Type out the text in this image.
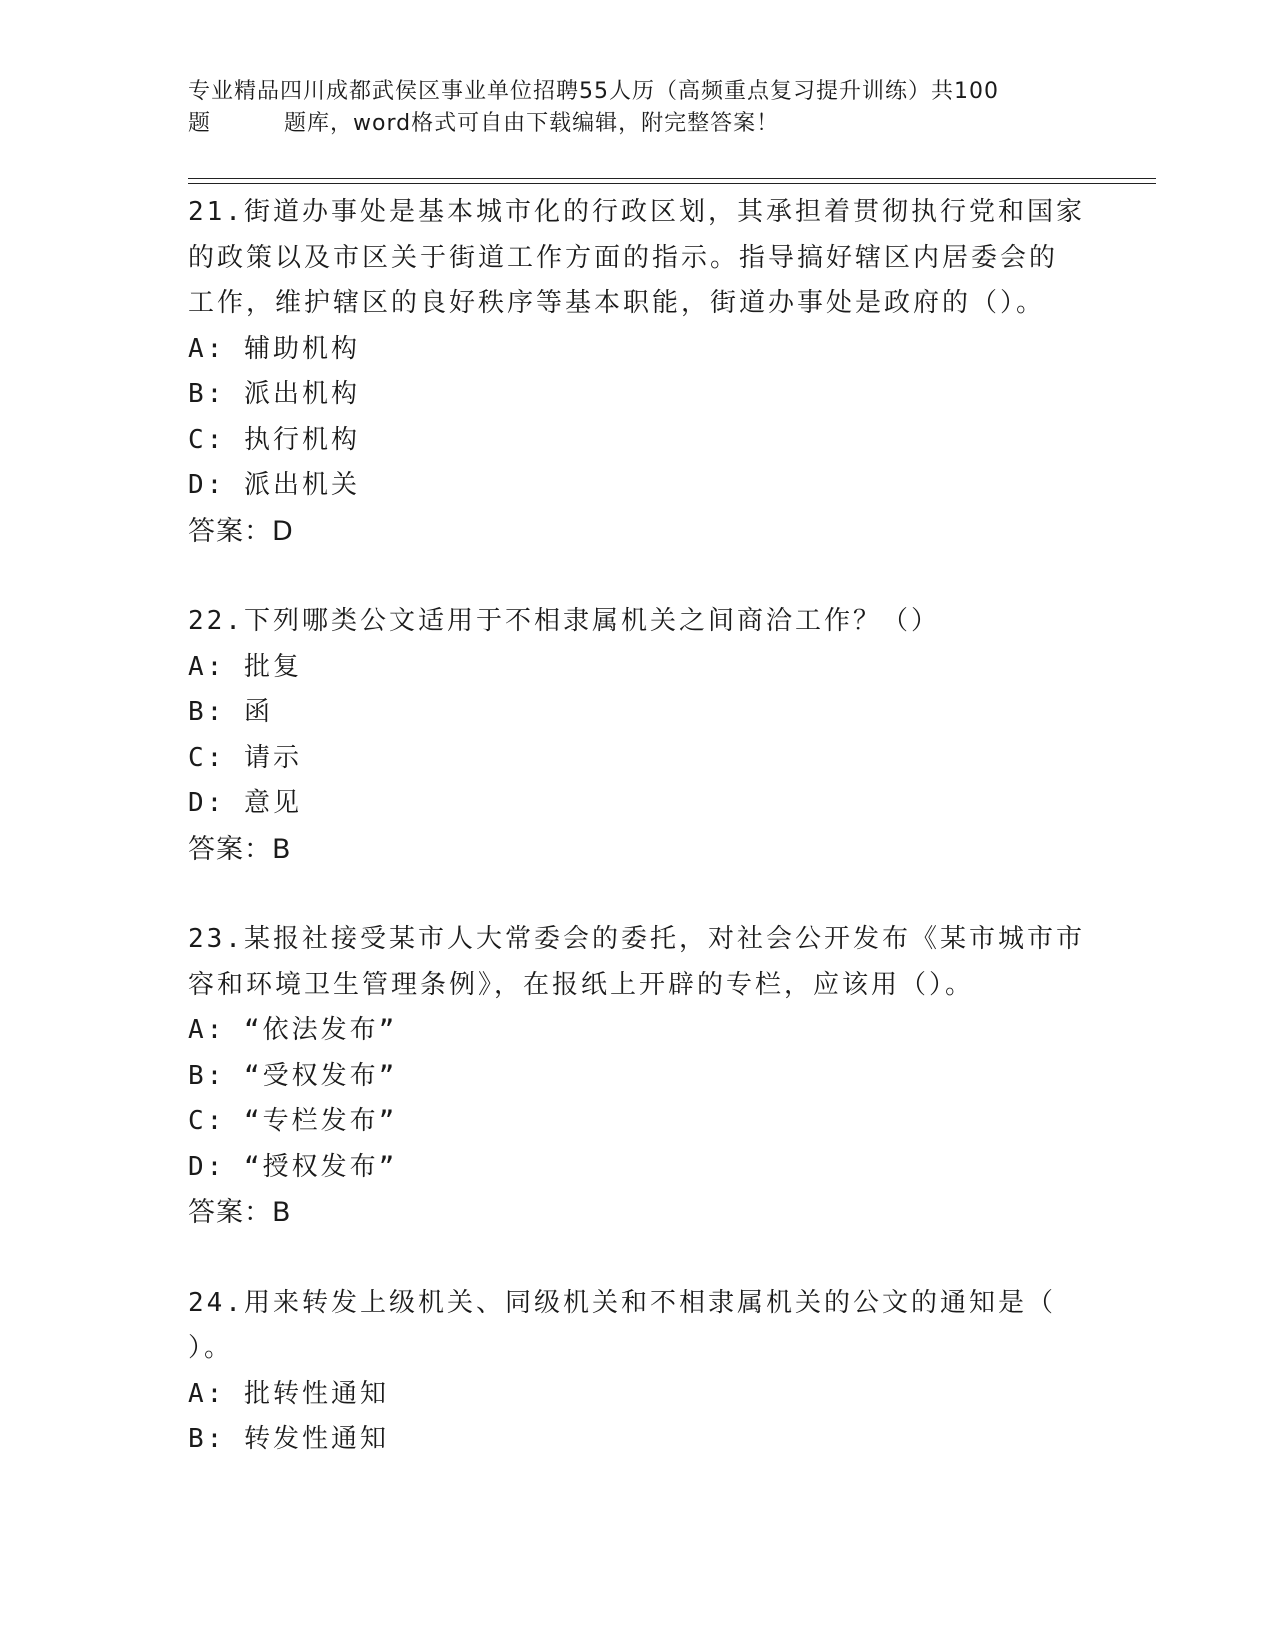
专业精品四川成都武侯区事业单位招聘55人历（高频重点复习提升训练）共100
题	题库，word格式可自由下载编辑，附完整答案！
21.街道办事处是基本城市化的行政区划，其承担着贯彻执行党和国家
的政策以及市区关于街道工作方面的指示。指导搞好辖区内居委会的
工作，维护辖区的良好秩序等基本职能，街道办事处是政府的（）。
A: 辅助机构
B: 派出机构
C: 执行机构
D: 派出机关
答案：D
22.下列哪类公文适用于不相隶属机关之间商洽工作？（）
A: 批复
B: 函
C: 请示
D: 意见
答案：B
23.某报社接受某市人大常委会的委托，对社会公开发布《某市城市市
容和环境卫生管理条例》，在报纸上开辟的专栏，应该用（）。
A: “依法发布”
B: “受权发布”
C: “专栏发布”
D: “授权发布”
答案：B
24.用来转发上级机关、同级机关和不相隶属机关的公文的通知是（
）。
A: 批转性通知
B: 转发性通知
